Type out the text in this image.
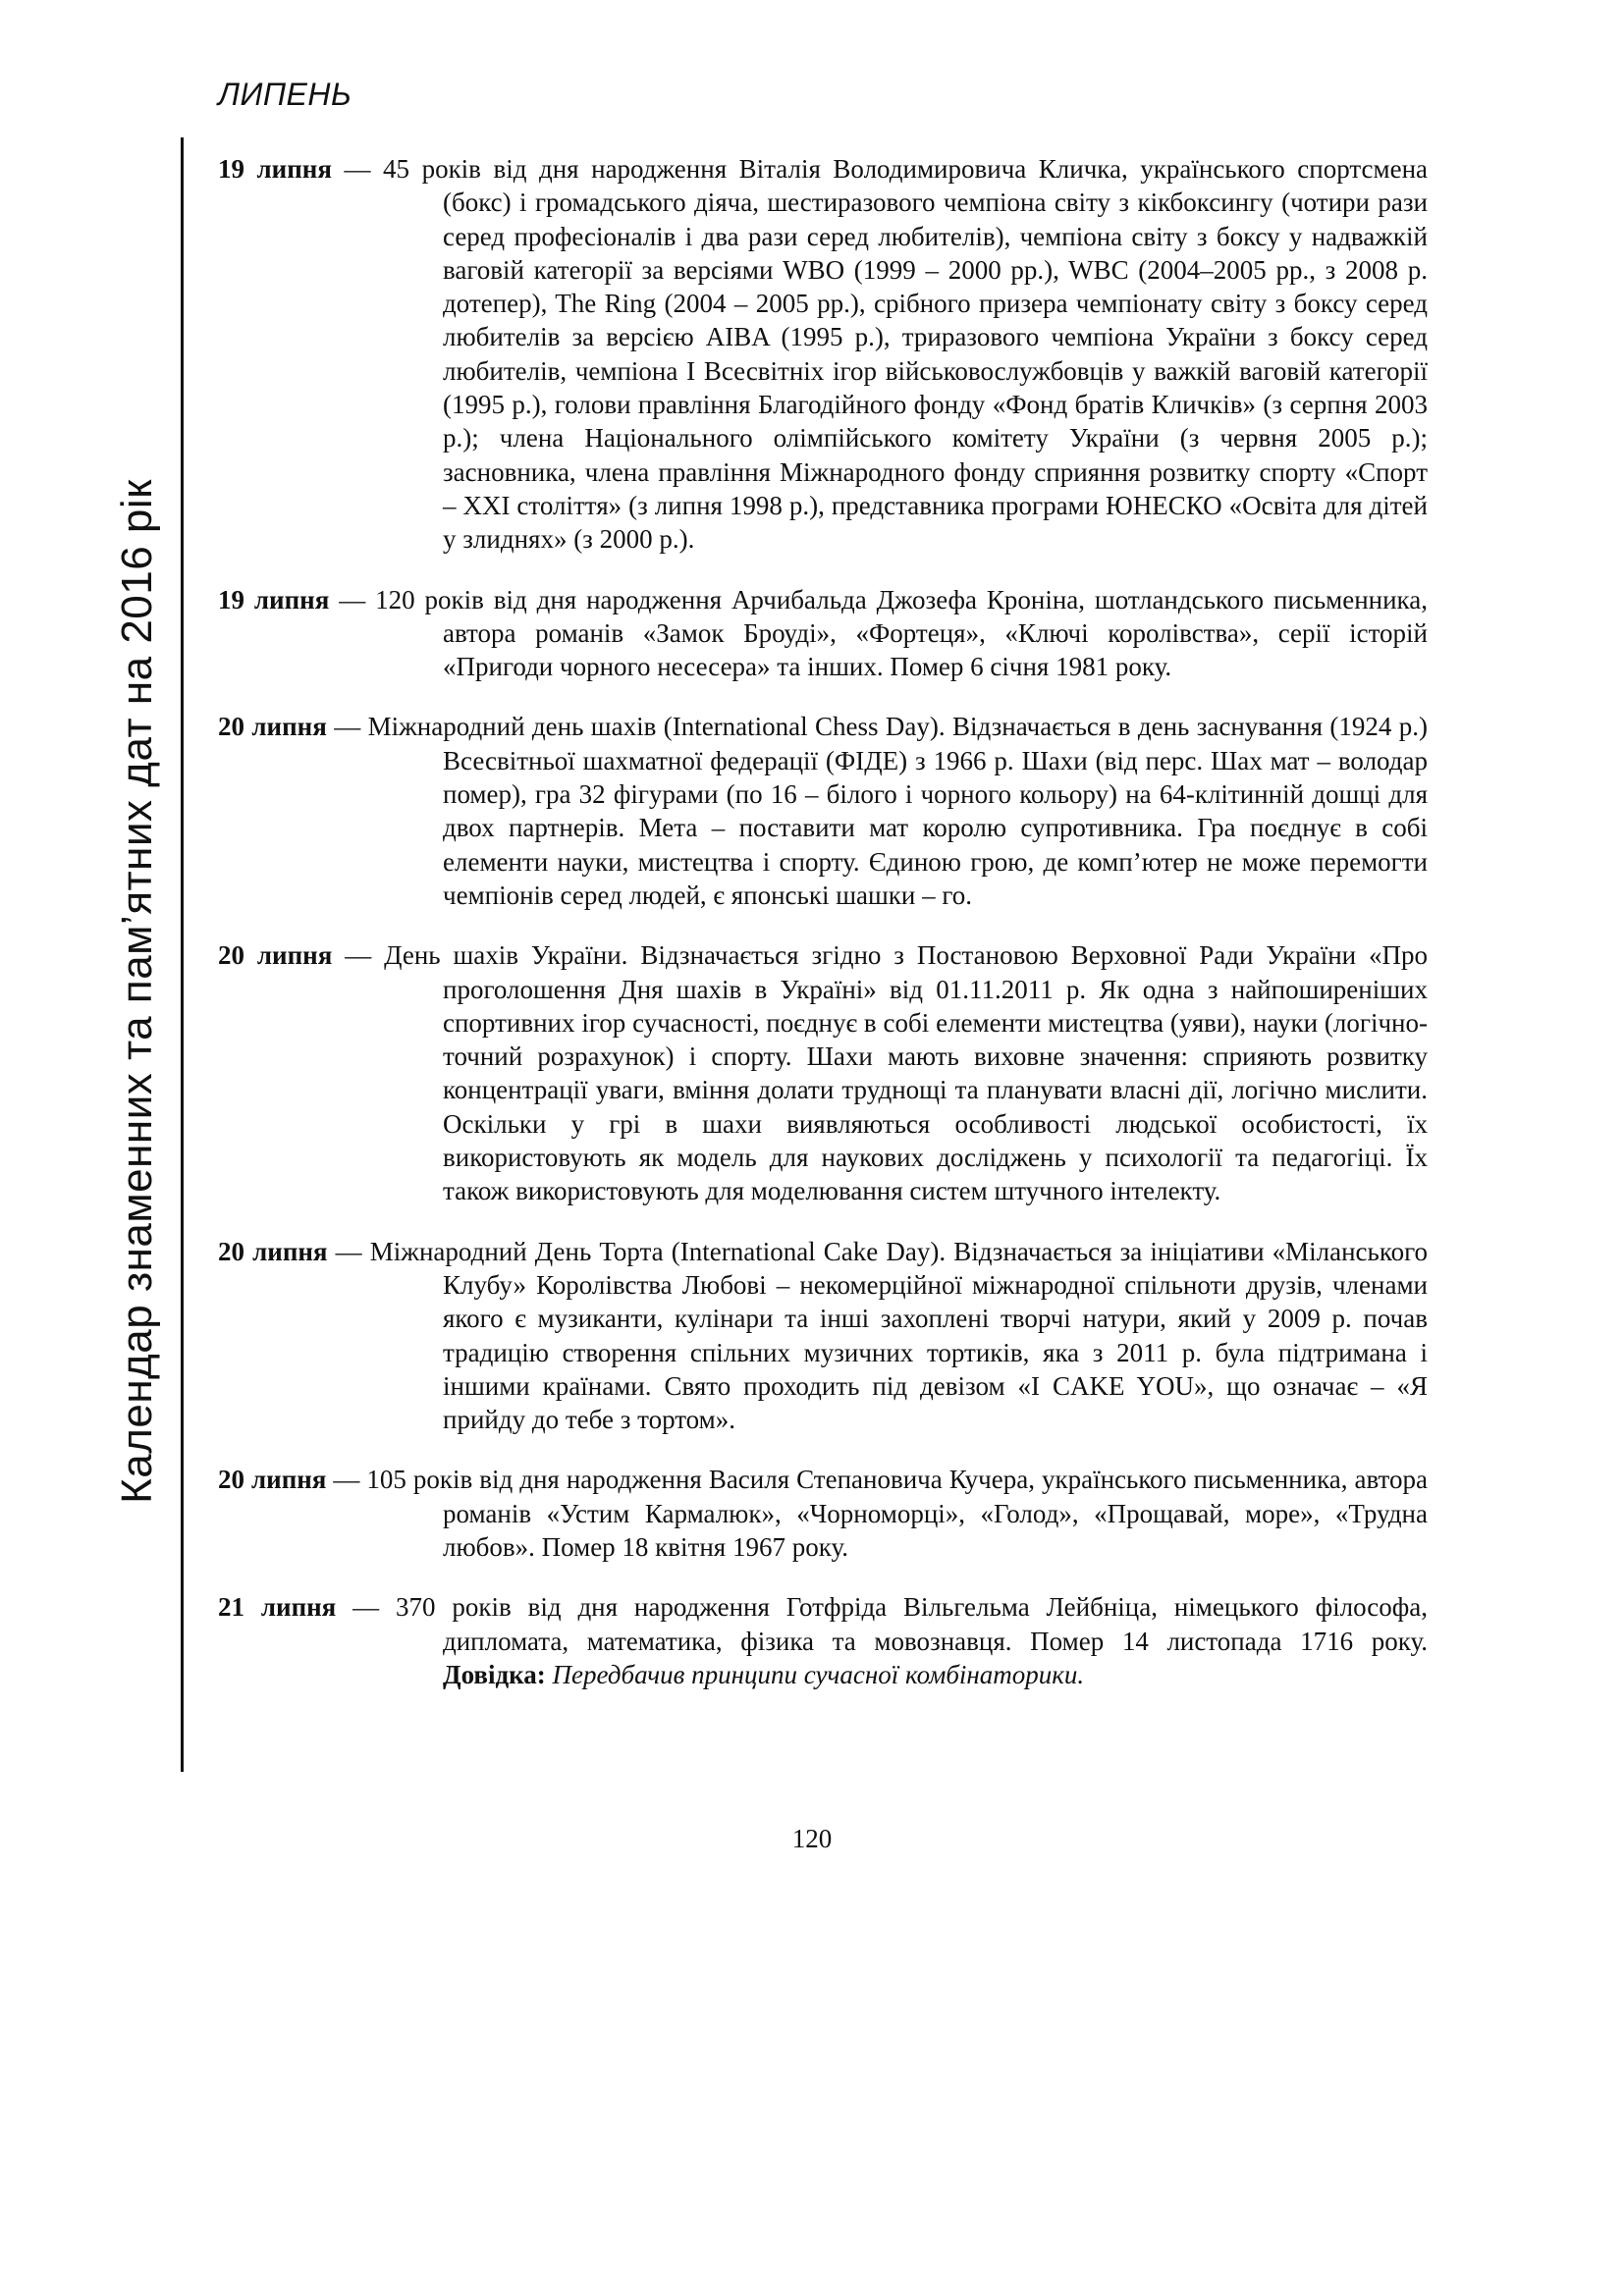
ЛИПЕНЬ
Календар знаменних та пам’ятних дат на 2016 рік

19 липня — 45 років від дня народження Віталія Володимировича Кличка, українського спортсмена (бокс) і громадського діяча, шестиразового чемпіона світу з кікбоксингу (чотири рази серед професіоналів і два рази серед любителів), чемпіона світу з боксу у надважкій ваговій категорії за версіями WBO (1999 – 2000 рр.), WBC (2004–2005 рр., з 2008 р. дотепер), The Ring (2004 – 2005 рр.), срібного призера чемпіонату світу з боксу серед любителів за версією AIBA (1995 р.), триразового чемпіона України з боксу серед любителів, чемпіона I Всесвітніх ігор військовослужбовців у важкій ваговій категорії (1995 р.), голови правління Благодійного фонду «Фонд братів Кличків» (з серпня 2003 р.); члена Національного олімпійського комітету України (з червня 2005 р.); засновника, члена правління Міжнародного фонду сприяння розвитку спорту «Спорт – XXI століття» (з липня 1998 р.), представника програми ЮНЕСКО «Освіта для дітей у злиднях» (з 2000 р.).

19 липня — 120 років від дня народження Арчибальда Джозефа Кроніна, шотландського письменника, автора романів «Замок Броуді», «Фортеця», «Ключі королівства», серії історій «Пригоди чорного несесера» та інших. Помер 6 січня 1981 року.

20 липня — Міжнародний день шахів (International Chess Day). Відзначається в день заснування (1924 р.) Всесвітньої шахматної федерації (ФІДЕ) з 1966 р. Шахи (від перс. Шах мат – володар помер), гра 32 фігурами (по 16 – білого і чорного кольору) на 64-клітинній дошці для двох партнерів. Мета – поставити мат королю супротивника. Гра поєднує в собі елементи науки, мистецтва і спорту. Єдиною грою, де комп’ютер не може перемогти чемпіонів серед людей, є японські шашки – го.

20 липня — День шахів України. Відзначається згідно з Постановою Верховної Ради України «Про проголошення Дня шахів в Україні» від 01.11.2011 р. Як одна з найпоширеніших спортивних ігор сучасності, поєднує в собі елементи мистецтва (уяви), науки (логічно-точний розрахунок) і спорту. Шахи мають виховне значення: сприяють розвитку концентрації уваги, вміння долати труднощі та планувати власні дії, логічно мислити. Оскільки у грі в шахи виявляються особливості людської особистості, їх використовують як модель для наукових досліджень у психології та педагогіці. Їх також використовують для моделювання систем штучного інтелекту.

20 липня — Міжнародний День Торта (International Cake Day). Відзначається за ініціативи «Міланського Клубу» Королівства Любові – некомерційної міжнародної спільноти друзів, членами якого є музиканти, кулінари та інші захоплені творчі натури, який у 2009 р. почав традицію створення спільних музичних тортиків, яка з 2011 р. була підтримана і іншими країнами. Свято проходить під девізом «I CAKE YOU», що означає – «Я прийду до тебе з тортом».

20 липня — 105 років від дня народження Василя Степановича Кучера, українського письменника, автора романів «Устим Кармалюк», «Чорноморці», «Голод», «Прощавай, море», «Трудна любов». Помер 18 квітня 1967 року.

21 липня — 370 років від дня народження Готфріда Вільгельма Лейбніца, німецького філософа, дипломата, математика, фізика та мовознавця. Помер 14 листопада 1716 року. Довідка: Передбачив принципи сучасної комбінаторики.

120
